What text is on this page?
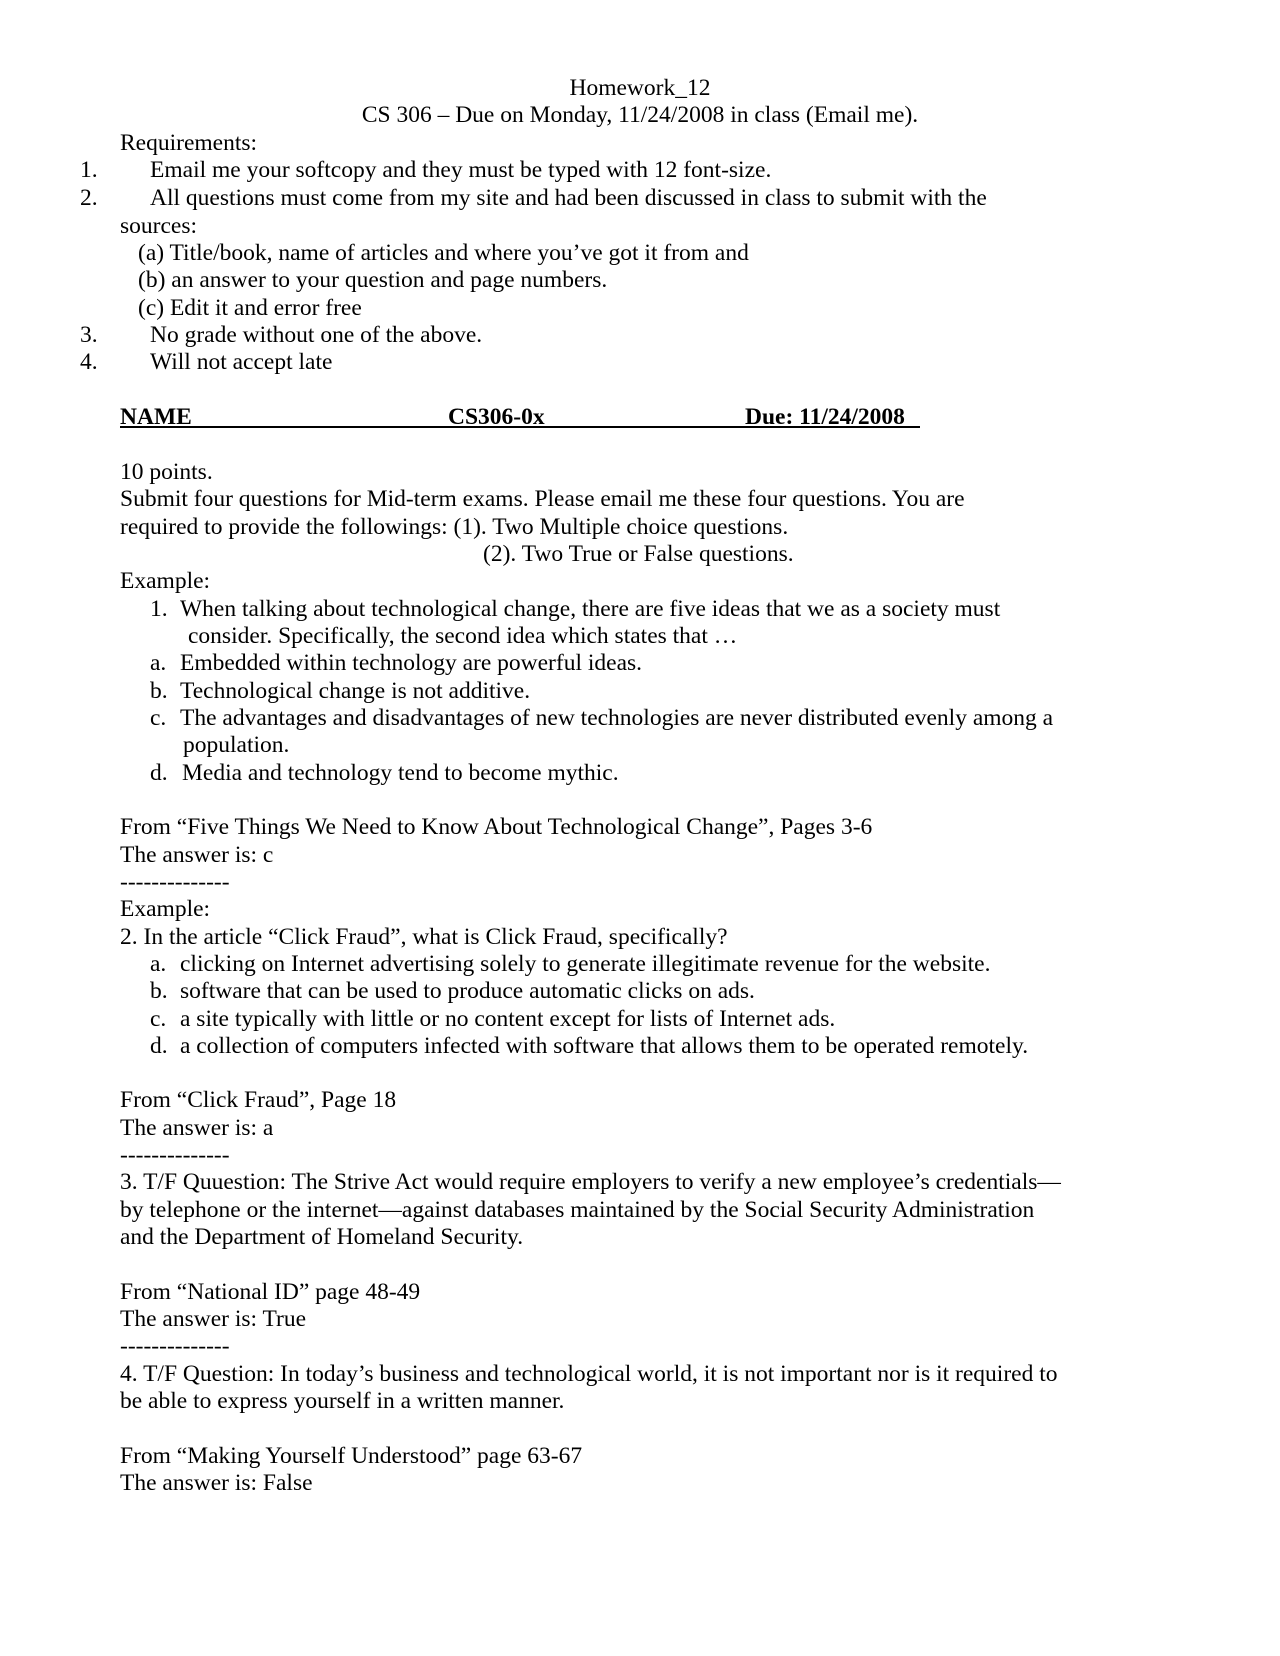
Homework_12
CS 306 – Due on Monday, 11/24/2008 in class (Email me).
Requirements:
1. Email me your softcopy and they must be typed with 12 font-size.
2. All questions must come from my site and had been discussed in class to submit with the
sources:
(a) Title/book, name of articles and where you’ve got it from and
(b) an answer to your question and page numbers.
(c) Edit it and error free
3. No grade without one of the above.
4. Will not accept late
NAME	CS306-0x	Due: 11/24/2008
10 points.
Submit four questions for Mid-term exams. Please email me these four questions. You are
required to provide the followings: (1). Two Multiple choice questions.
(2). Two True or False questions.
Example:
1. When talking about technological change, there are five ideas that we as a society must
consider. Specifically, the second idea which states that …
a. Embedded within technology are powerful ideas.
b. Technological change is not additive.
c. The advantages and disadvantages of new technologies are never distributed evenly among a
population.
d. Media and technology tend to become mythic.
From “Five Things We Need to Know About Technological Change”, Pages 3-6
The answer is: c
--------------
Example:
2. In the article “Click Fraud”, what is Click Fraud, specifically?
a. clicking on Internet advertising solely to generate illegitimate revenue for the website.
b. software that can be used to produce automatic clicks on ads.
c. a site typically with little or no content except for lists of Internet ads.
d. a collection of computers infected with software that allows them to be operated remotely.
From “Click Fraud”, Page 18
The answer is: a
--------------
3. T/F Quuestion: The Strive Act would require employers to verify a new employee’s credentials—
by telephone or the internet—against databases maintained by the Social Security Administration
and the Department of Homeland Security.
From “National ID” page 48-49
The answer is: True
--------------
4. T/F Question: In today’s business and technological world, it is not important nor is it required to
be able to express yourself in a written manner.
From “Making Yourself Understood” page 63-67
The answer is: False
